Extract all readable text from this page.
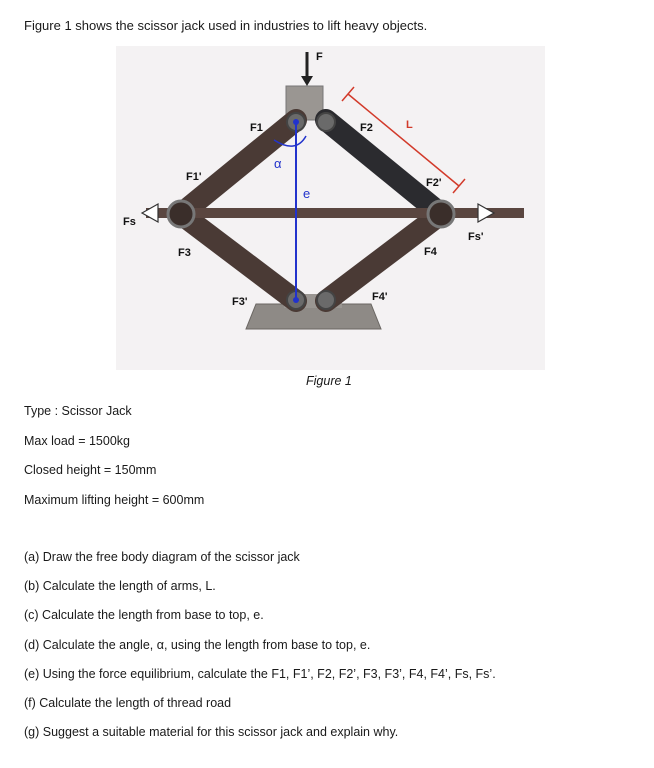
Figure 1 shows the scissor jack used in industries to lift heavy objects.
F
F1
F1'
F2
F2'
F3
F3'
F4
F4'
Fs
Fs'
L
α
e
Figure 1
Type : Scissor Jack
Max load = 1500kg
Closed height = 150mm
Maximum lifting height = 600mm
(a) Draw the free body diagram of the scissor jack
(b) Calculate the length of arms, L.
(c) Calculate the length from base to top, e.
(d) Calculate the angle, α, using the length from base to top, e.
(e) Using the force equilibrium, calculate the F1, F1’, F2, F2’, F3, F3’, F4, F4’, Fs, Fs’.
(f) Calculate the length of thread road
(g) Suggest a suitable material for this scissor jack and explain why.
